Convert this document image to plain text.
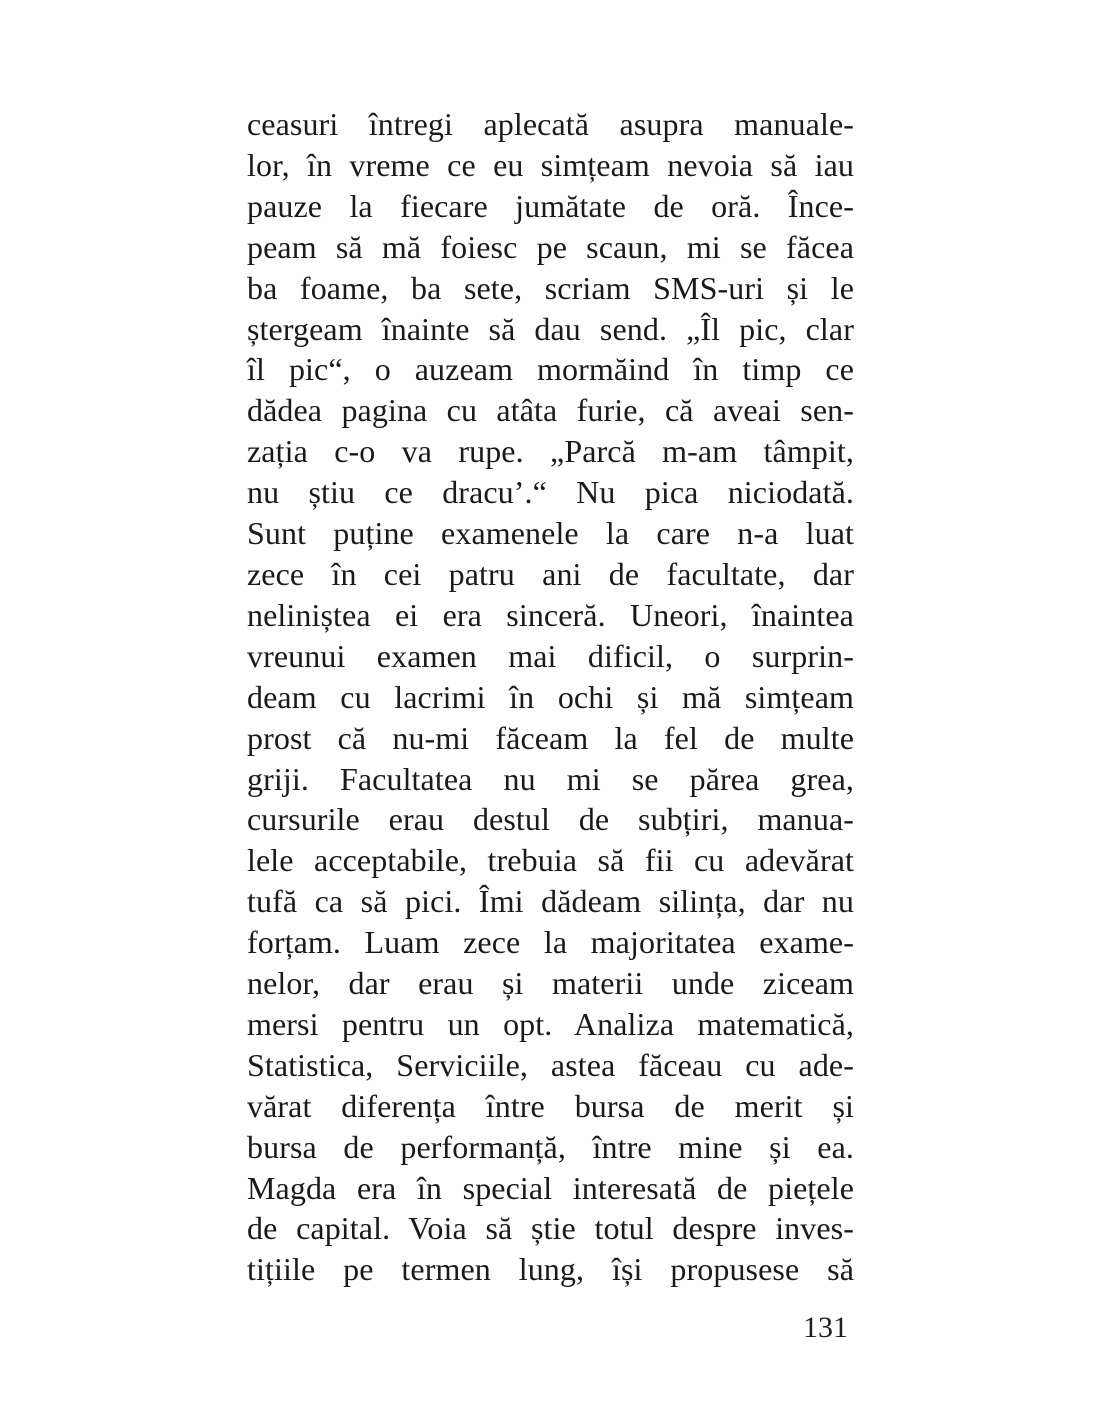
ceasuri întregi aplecată asupra manuale-
lor, în vreme ce eu simțeam nevoia să iau
pauze la fiecare jumătate de oră. Înce-
peam să mă foiesc pe scaun, mi se făcea
ba foame, ba sete, scriam SMS-uri și le
ștergeam înainte să dau send. „Îl pic, clar
îl pic“, o auzeam mormăind în timp ce
dădea pagina cu atâta furie, că aveai sen-
zația c-o va rupe. „Parcă m-am tâmpit,
nu știu ce dracu’.“ Nu pica niciodată.
Sunt puține examenele la care n-a luat
zece în cei patru ani de facultate, dar
neliniștea ei era sinceră. Uneori, înaintea
vreunui examen mai dificil, o surprin-
deam cu lacrimi în ochi și mă simțeam
prost că nu-mi făceam la fel de multe
griji. Facultatea nu mi se părea grea,
cursurile erau destul de subțiri, manua-
lele acceptabile, trebuia să fii cu adevărat
tufă ca să pici. Îmi dădeam silința, dar nu
forțam. Luam zece la majoritatea exame-
nelor, dar erau și materii unde ziceam
mersi pentru un opt. Analiza matematică,
Statistica, Serviciile, astea făceau cu ade-
vărat diferența între bursa de merit și
bursa de performanță, între mine și ea.
Magda era în special interesată de piețele
de capital. Voia să știe totul despre inves-
tițiile pe termen lung, își propusese să
131
